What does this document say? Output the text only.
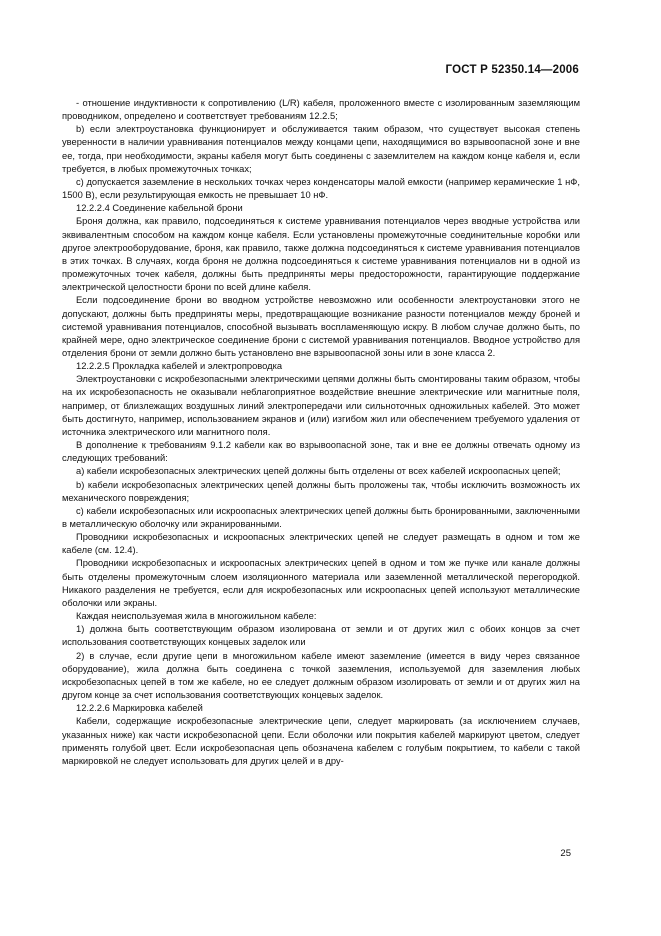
ГОСТ Р 52350.14—2006

- отношение индуктивности к сопротивлению (L/R) кабеля, проложенного вместе с изолированным заземляющим проводником, определено и соответствует требованиям 12.2.5;

b) если электроустановка функционирует и обслуживается таким образом, что существует высокая степень уверенности в наличии уравнивания потенциалов между концами цепи, находящимися во взрывоопасной зоне и вне ее, тогда, при необходимости, экраны кабеля могут быть соединены с заземлителем на каждом конце кабеля и, если требуется, в любых промежуточных точках;

c) допускается заземление в нескольких точках через конденсаторы малой емкости (например керамические 1 нФ, 1500 В), если результирующая емкость не превышает 10 нФ.

12.2.2.4 Соединение кабельной брони

Броня должна, как правило, подсоединяться к системе уравнивания потенциалов через вводные устройства или эквивалентным способом на каждом конце кабеля. Если установлены промежуточные соединительные коробки или другое электрооборудование, броня, как правило, также должна подсоединяться к системе уравнивания потенциалов в этих точках. В случаях, когда броня не должна подсоединяться к системе уравнивания потенциалов ни в одной из промежуточных точек кабеля, должны быть предприняты меры предосторожности, гарантирующие поддержание электрической целостности брони по всей длине кабеля.

Если подсоединение брони во вводном устройстве невозможно или особенности электроустановки этого не допускают, должны быть предприняты меры, предотвращающие возникание разности потенциалов между броней и системой уравнивания потенциалов, способной вызывать воспламеняющую искру. В любом случае должно быть, по крайней мере, одно электрическое соединение брони с системой уравнивания потенциалов. Вводное устройство для отделения брони от земли должно быть установлено вне взрывоопасной зоны или в зоне класса 2.

12.2.2.5 Прокладка кабелей и электропроводка

Электроустановки с искробезопасными электрическими цепями должны быть смонтированы таким образом, чтобы на их искробезопасность не оказывали неблагоприятное воздействие внешние электрические или магнитные поля, например, от близлежащих воздушных линий электропередачи или сильноточных одножильных кабелей. Это может быть достигнуто, например, использованием экранов и (или) изгибом жил или обеспечением требуемого удаления от источника электрического или магнитного поля.

В дополнение к требованиям 9.1.2 кабели как во взрывоопасной зоне, так и вне ее должны отвечать одному из следующих требований:

a) кабели искробезопасных электрических цепей должны быть отделены от всех кабелей искроопасных цепей;

b) кабели искробезопасных электрических цепей должны быть проложены так, чтобы исключить возможность их механического повреждения;

c) кабели искробезопасных или искроопасных электрических цепей должны быть бронированными, заключенными в металлическую оболочку или экранированными.

Проводники искробезопасных и искроопасных электрических цепей не следует размещать в одном и том же кабеле (см. 12.4).

Проводники искробезопасных и искроопасных электрических цепей в одном и том же пучке или канале должны быть отделены промежуточным слоем изоляционного материала или заземленной металлической перегородкой. Никакого разделения не требуется, если для искробезопасных или искроопасных цепей используют металлические оболочки или экраны.

Каждая неиспользуемая жила в многожильном кабеле:

1) должна быть соответствующим образом изолирована от земли и от других жил с обоих концов за счет использования соответствующих концевых заделок или

2) в случае, если другие цепи в многожильном кабеле имеют заземление (имеется в виду через связанное оборудование), жила должна быть соединена с точкой заземления, используемой для заземления любых искробезопасных цепей в том же кабеле, но ее следует должным образом изолировать от земли и от других жил на другом конце за счет использования соответствующих концевых заделок.

12.2.2.6 Маркировка кабелей

Кабели, содержащие искробезопасные электрические цепи, следует маркировать (за исключением случаев, указанных ниже) как части искробезопасной цепи. Если оболочки или покрытия кабелей маркируют цветом, следует применять голубой цвет. Если искробезопасная цепь обозначена кабелем с голубым покрытием, то кабели с такой маркировкой не следует использовать для других целей и в дру-

25
